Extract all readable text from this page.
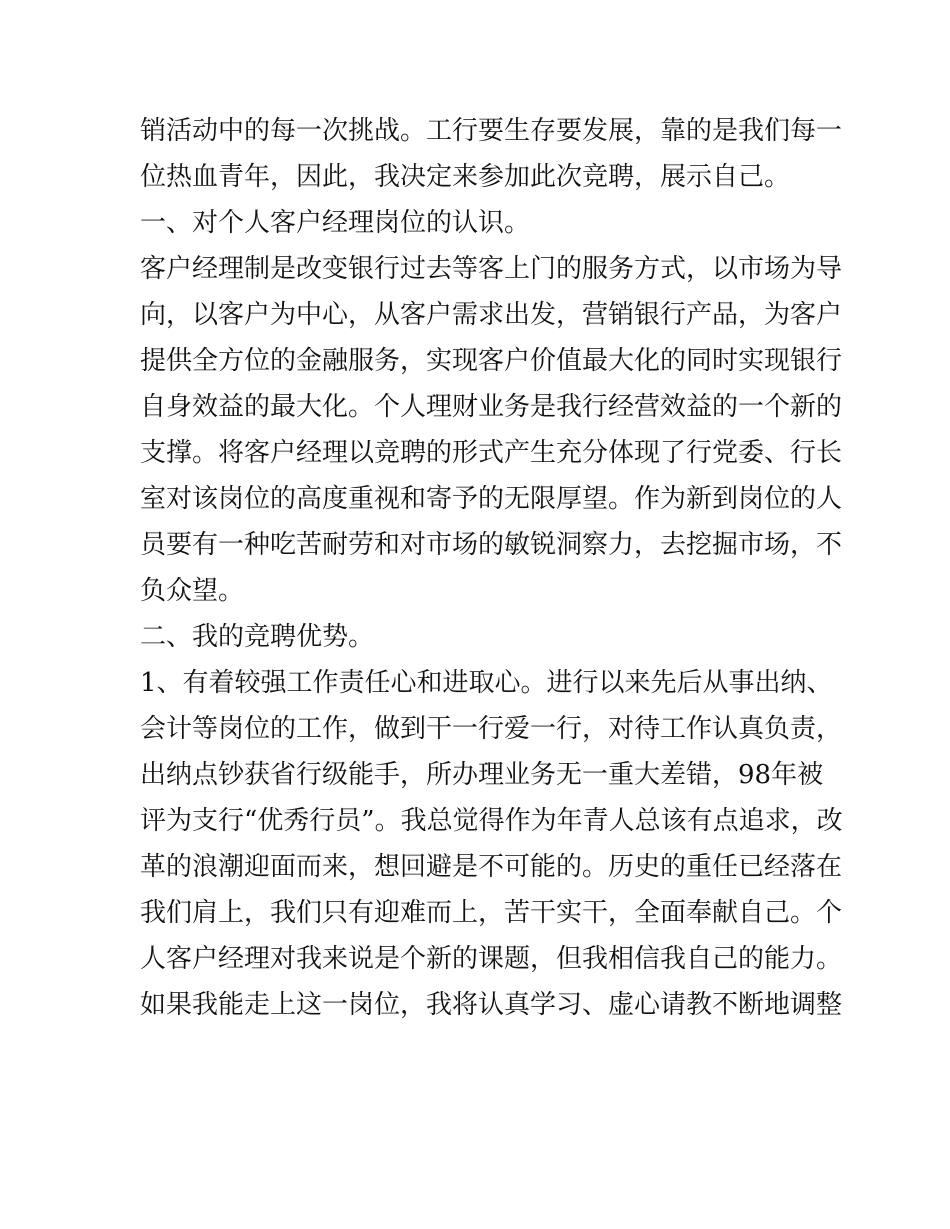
销活动中的每一次挑战。工行要生存要发展，靠的是我们每一

位热血青年，因此，我决定来参加此次竞聘，展示自己。

一、对个人客户经理岗位的认识。

客户经理制是改变银行过去等客上门的服务方式，以市场为导

向，以客户为中心，从客户需求出发，营销银行产品，为客户

提供全方位的金融服务，实现客户价值最大化的同时实现银行

自身效益的最大化。个人理财业务是我行经营效益的一个新的

支撑。将客户经理以竞聘的形式产生充分体现了行党委、行长

室对该岗位的高度重视和寄予的无限厚望。作为新到岗位的人

员要有一种吃苦耐劳和对市场的敏锐洞察力，去挖掘市场，不

负众望。

二、我的竞聘优势。

1、有着较强工作责任心和进取心。进行以来先后从事出纳、

会计等岗位的工作，做到干一行爱一行，对待工作认真负责，

出纳点钞获省行级能手，所办理业务无一重大差错，98年被

评为支行“优秀行员”。我总觉得作为年青人总该有点追求，改

革的浪潮迎面而来，想回避是不可能的。历史的重任已经落在

我们肩上，我们只有迎难而上，苦干实干，全面奉献自己。个

人客户经理对我来说是个新的课题，但我相信我自己的能力。

如果我能走上这一岗位，我将认真学习、虚心请教不断地调整
